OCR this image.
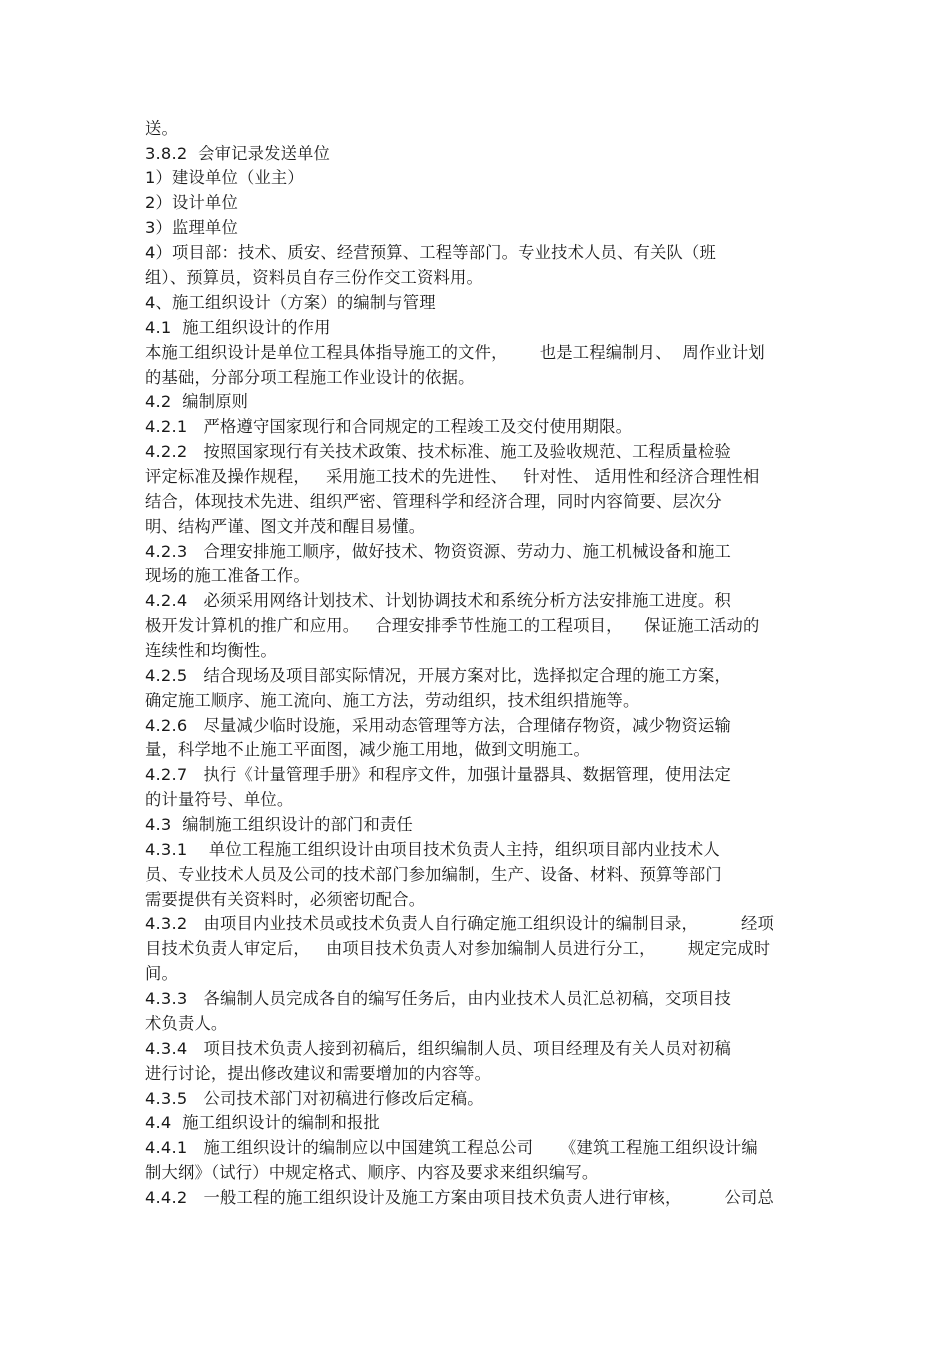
送。
3.8.2  会审记录发送单位
1）建设单位（业主）
2）设计单位
3）监理单位
4）项目部：技术、质安、经营预算、工程等部门。专业技术人员、有关队（班
组）、预算员，资料员自存三份作交工资料用。
4、施工组织设计（方案）的编制与管理
4.1  施工组织设计的作用
本施工组织设计是单位工程具体指导施工的文件，      也是工程编制月、  周作业计划
的基础，分部分项工程施工作业设计的依据。
4.2  编制原则
4.2.1   严格遵守国家现行和合同规定的工程竣工及交付使用期限。
4.2.2   按照国家现行有关技术政策、技术标准、施工及验收规范、工程质量检验
评定标准及操作规程，   采用施工技术的先进性、   针对性、 适用性和经济合理性相
结合，体现技术先进、组织严密、管理科学和经济合理，同时内容简要、层次分
明、结构严谨、图文并茂和醒目易懂。
4.2.3   合理安排施工顺序，做好技术、物资资源、劳动力、施工机械设备和施工
现场的施工准备工作。
4.2.4   必须采用网络计划技术、计划协调技术和系统分析方法安排施工进度。积
极开发计算机的推广和应用。   合理安排季节性施工的工程项目，    保证施工活动的
连续性和均衡性。
4.2.5   结合现场及项目部实际情况，开展方案对比，选择拟定合理的施工方案，
确定施工顺序、施工流向、施工方法，劳动组织，技术组织措施等。
4.2.6   尽量减少临时设施，采用动态管理等方法，合理储存物资，减少物资运输
量，科学地不止施工平面图，减少施工用地，做到文明施工。
4.2.7   执行《计量管理手册》和程序文件，加强计量器具、数据管理，使用法定
的计量符号、单位。
4.3  编制施工组织设计的部门和责任
4.3.1    单位工程施工组织设计由项目技术负责人主持，组织项目部内业技术人
员、专业技术人员及公司的技术部门参加编制，生产、设备、材料、预算等部门
需要提供有关资料时，必须密切配合。
4.3.2   由项目内业技术员或技术负责人自行确定施工组织设计的编制目录，        经项
目技术负责人审定后，   由项目技术负责人对参加编制人员进行分工，      规定完成时
间。
4.3.3   各编制人员完成各自的编写任务后，由内业技术人员汇总初稿，交项目技
术负责人。
4.3.4   项目技术负责人接到初稿后，组织编制人员、项目经理及有关人员对初稿
进行讨论，提出修改建议和需要增加的内容等。
4.3.5   公司技术部门对初稿进行修改后定稿。
4.4  施工组织设计的编制和报批
4.4.1   施工组织设计的编制应以中国建筑工程总公司     《建筑工程施工组织设计编
制大纲》（试行）中规定格式、顺序、内容及要求来组织编写。
4.4.2   一般工程的施工组织设计及施工方案由项目技术负责人进行审核，        公司总
